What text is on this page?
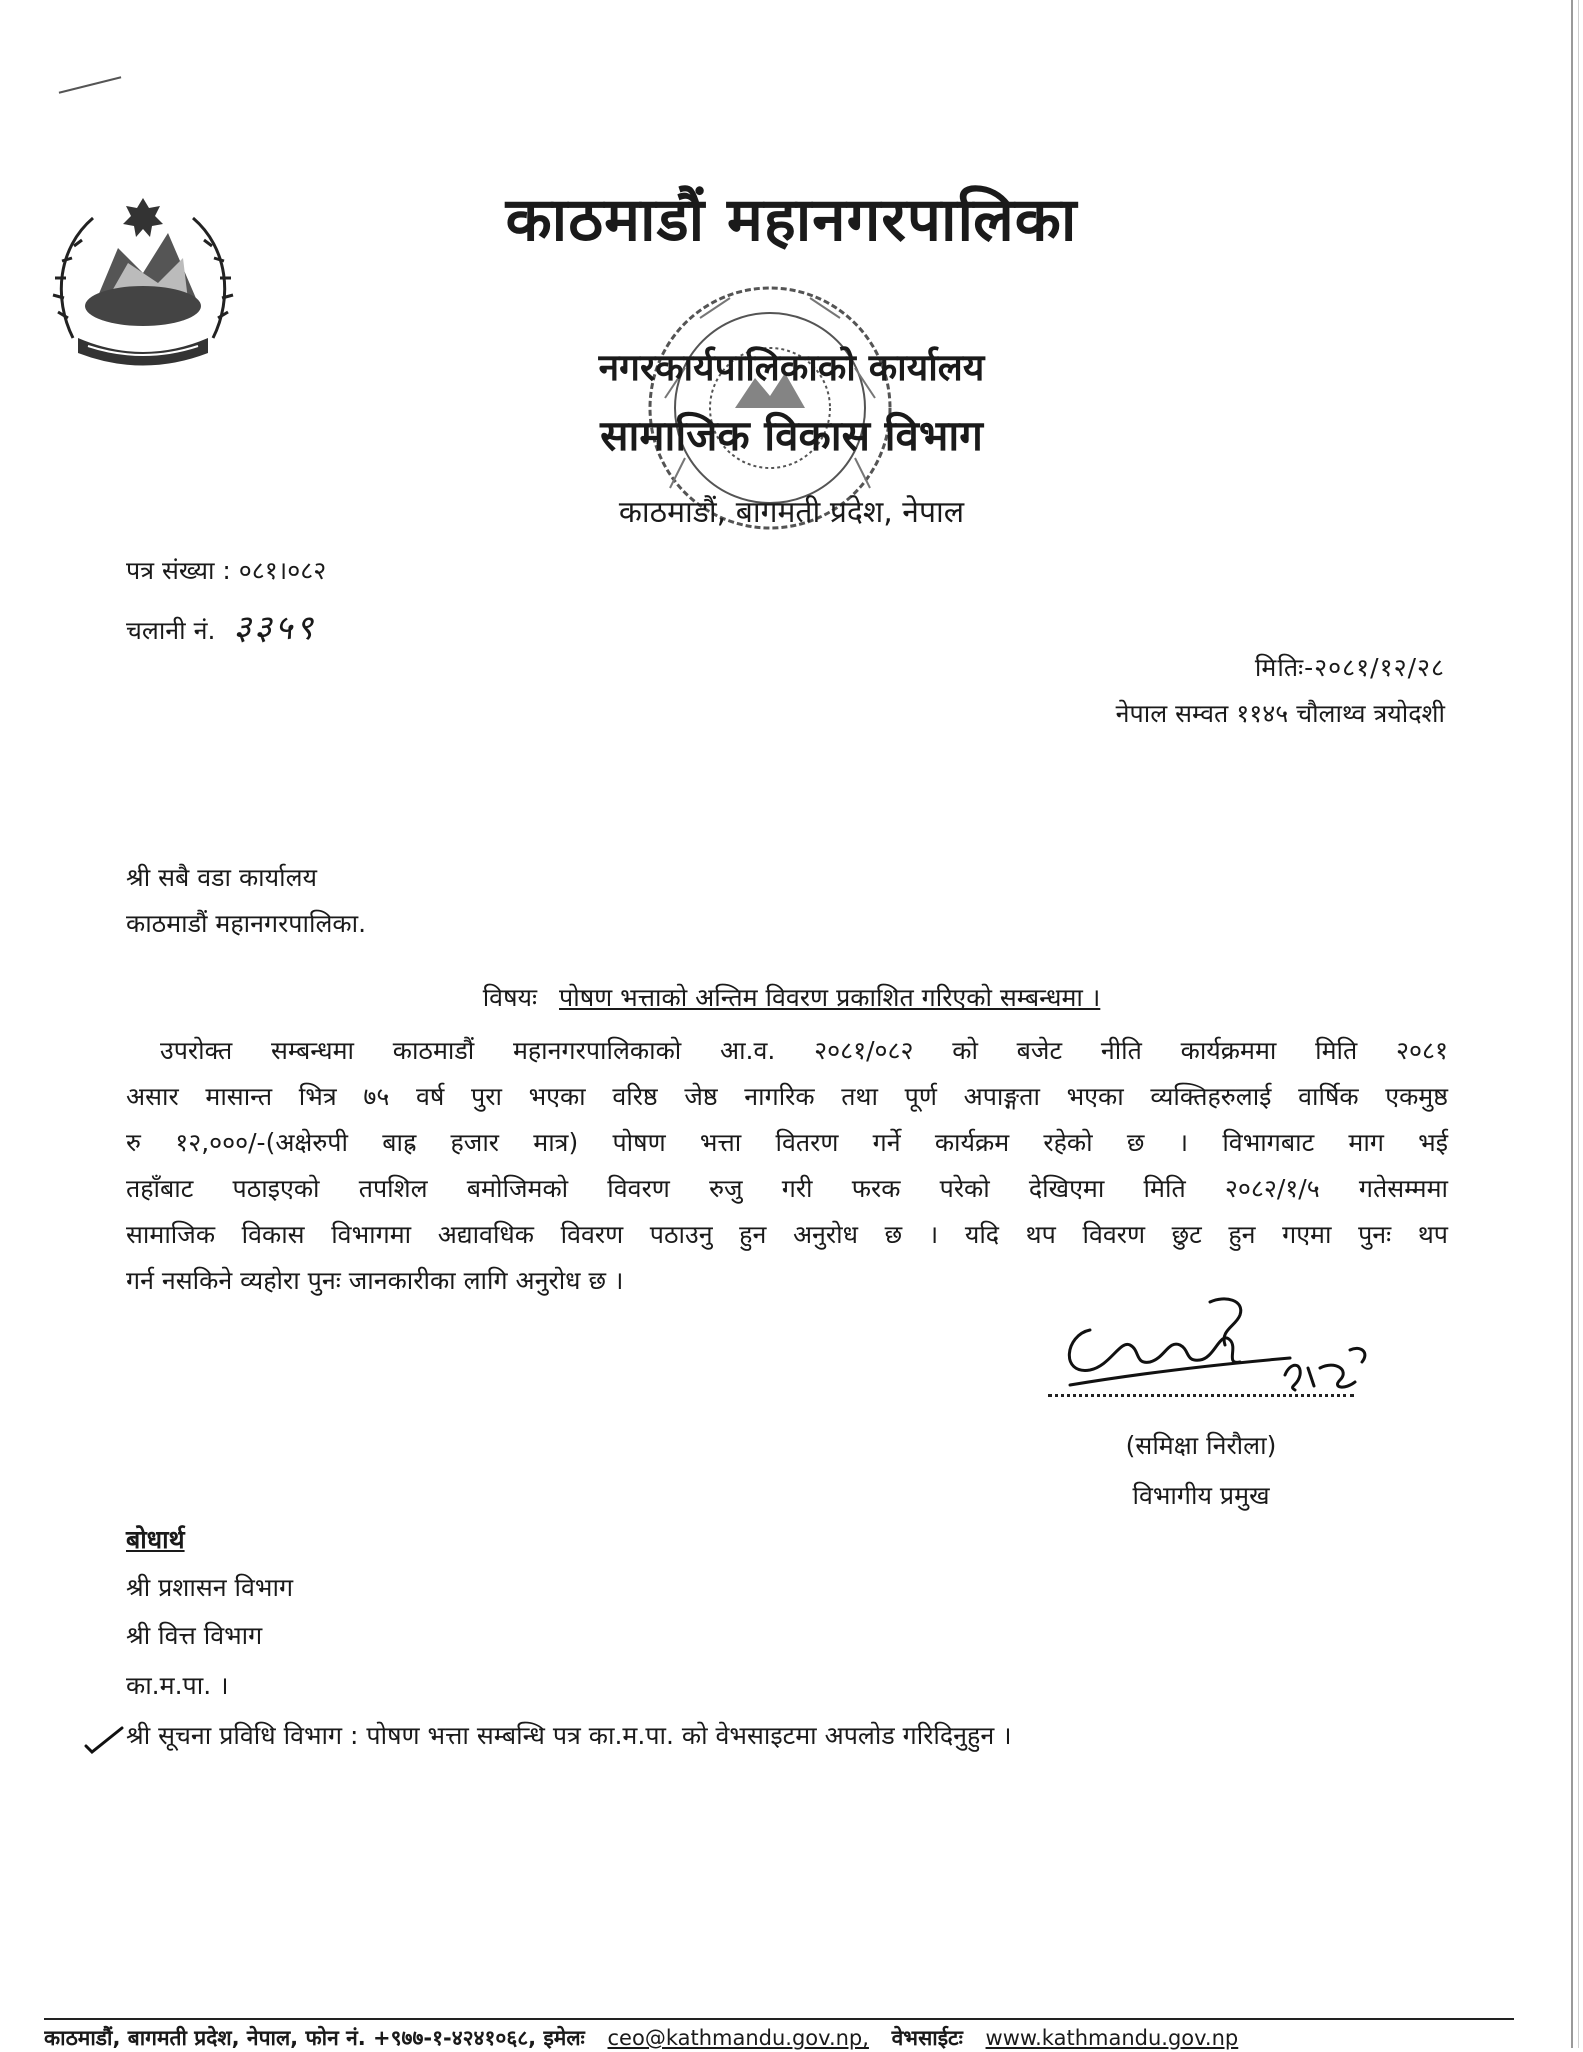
काठमाडौं महानगरपालिका
नगरकार्यपालिकाको कार्यालय
सामाजिक विकास विभाग
काठमाडौं, बागमती प्रदेश, नेपाल
पत्र संख्या : ०८१।०८२
चलानी नं. ३३५९
मितिः-२०८१/१२/२८
नेपाल सम्वत ११४५ चौलाथ्व त्रयोदशी
श्री सबै वडा कार्यालय
काठमाडौं महानगरपालिका.
विषयः पोषण भत्ताको अन्तिम विवरण प्रकाशित गरिएको सम्बन्धमा ।
उपरोक्त सम्बन्धमा काठमाडौं महानगरपालिकाको आ.व. २०८१/०८२ को बजेट नीति कार्यक्रममा मिति २०८१
असार मासान्त भित्र ७५ वर्ष पुरा भएका वरिष्ठ जेष्ठ नागरिक तथा पूर्ण अपाङ्गता भएका व्यक्तिहरुलाई वार्षिक एकमुष्ठ
रु १२,०००/-(अक्षेरुपी बाह्र हजार मात्र) पोषण भत्ता वितरण गर्ने कार्यक्रम रहेको छ । विभागबाट माग भई
तहाँबाट पठाइएको तपशिल बमोजिमको विवरण रुजु गरी फरक परेको देखिएमा मिति २०८२/१/५ गतेसम्ममा
सामाजिक विकास विभागमा अद्यावधिक विवरण पठाउनु हुन अनुरोध छ । यदि थप विवरण छुट हुन गएमा पुनः थप
गर्न नसकिने व्यहोरा पुनः जानकारीका लागि अनुरोध छ ।
(समिक्षा निरौला)
विभागीय प्रमुख
बोधार्थ
श्री प्रशासन विभाग
श्री वित्त विभाग
का.म.पा. ।
श्री सूचना प्रविधि विभाग : पोषण भत्ता सम्बन्धि पत्र का.म.पा. को वेभसाइटमा अपलोड गरिदिनुहुन ।
काठमाडौं, बागमती प्रदेश, नेपाल, फोन नं. +९७७-१-४२४१०६८, इमेलः ceo@kathmandu.gov.np, वेभसाईटः www.kathmandu.gov.np
